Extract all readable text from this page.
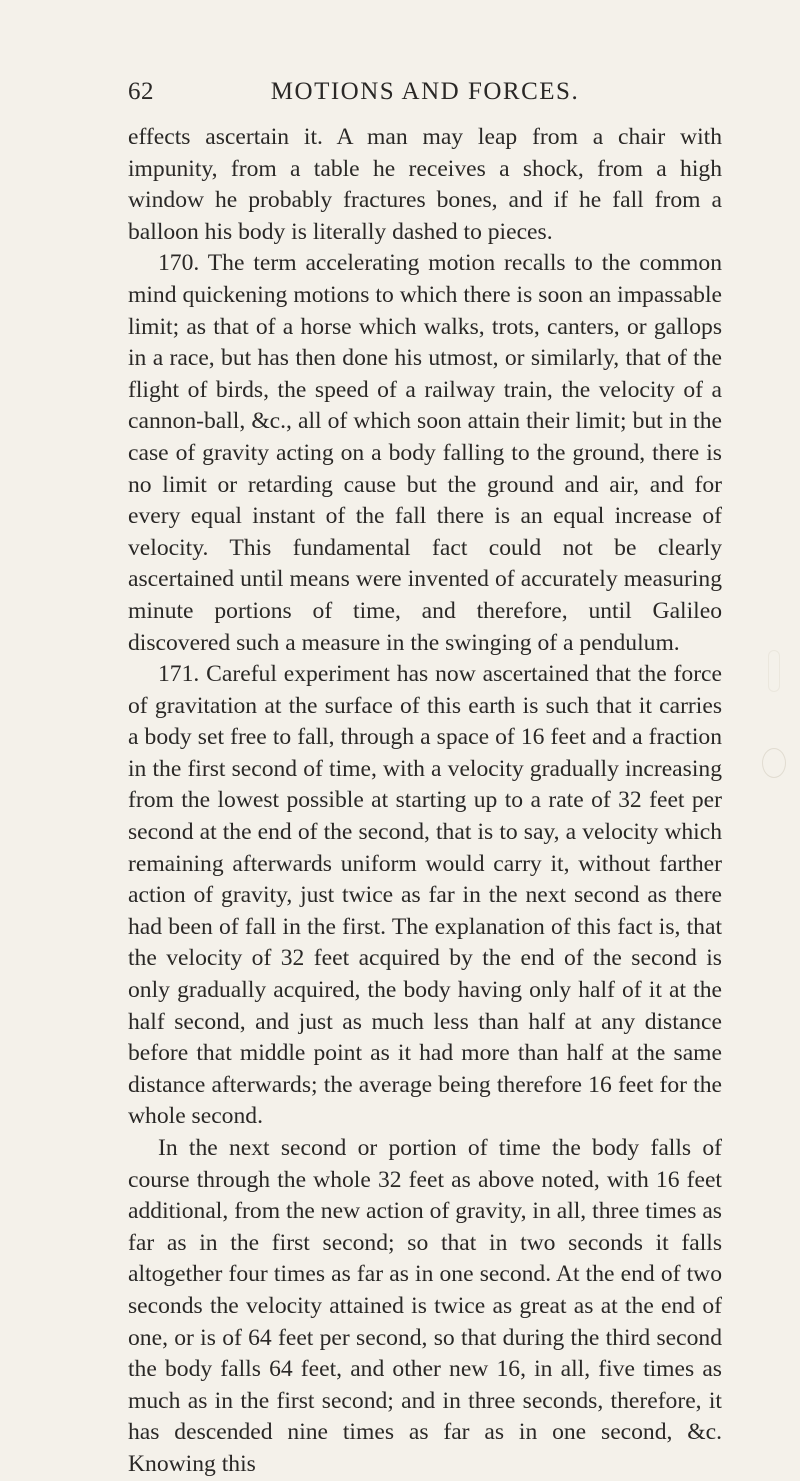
62	MOTIONS AND FORCES.

effects ascertain it. A man may leap from a chair with impunity, from a table he receives a shock, from a high window he probably fractures bones, and if he fall from a balloon his body is literally dashed to pieces.

170. The term accelerating motion recalls to the common mind quickening motions to which there is soon an impassable limit; as that of a horse which walks, trots, canters, or gallops in a race, but has then done his utmost, or similarly, that of the flight of birds, the speed of a railway train, the velocity of a cannon-ball, &c., all of which soon attain their limit; but in the case of gravity acting on a body falling to the ground, there is no limit or retarding cause but the ground and air, and for every equal instant of the fall there is an equal increase of velocity. This fundamental fact could not be clearly ascertained until means were invented of accurately measuring minute portions of time, and therefore, until Galileo discovered such a measure in the swinging of a pendulum.

171. Careful experiment has now ascertained that the force of gravitation at the surface of this earth is such that it carries a body set free to fall, through a space of 16 feet and a fraction in the first second of time, with a velocity gradually increasing from the lowest possible at starting up to a rate of 32 feet per second at the end of the second, that is to say, a velocity which remaining afterwards uniform would carry it, without farther action of gravity, just twice as far in the next second as there had been of fall in the first. The explanation of this fact is, that the velocity of 32 feet acquired by the end of the second is only gradually acquired, the body having only half of it at the half second, and just as much less than half at any distance before that middle point as it had more than half at the same distance afterwards; the average being therefore 16 feet for the whole second.

In the next second or portion of time the body falls of course through the whole 32 feet as above noted, with 16 feet additional, from the new action of gravity, in all, three times as far as in the first second; so that in two seconds it falls altogether four times as far as in one second. At the end of two seconds the velocity attained is twice as great as at the end of one, or is of 64 feet per second, so that during the third second the body falls 64 feet, and other new 16, in all, five times as much as in the first second; and in three seconds, therefore, it has descended nine times as far as in one second, &c. Knowing this
